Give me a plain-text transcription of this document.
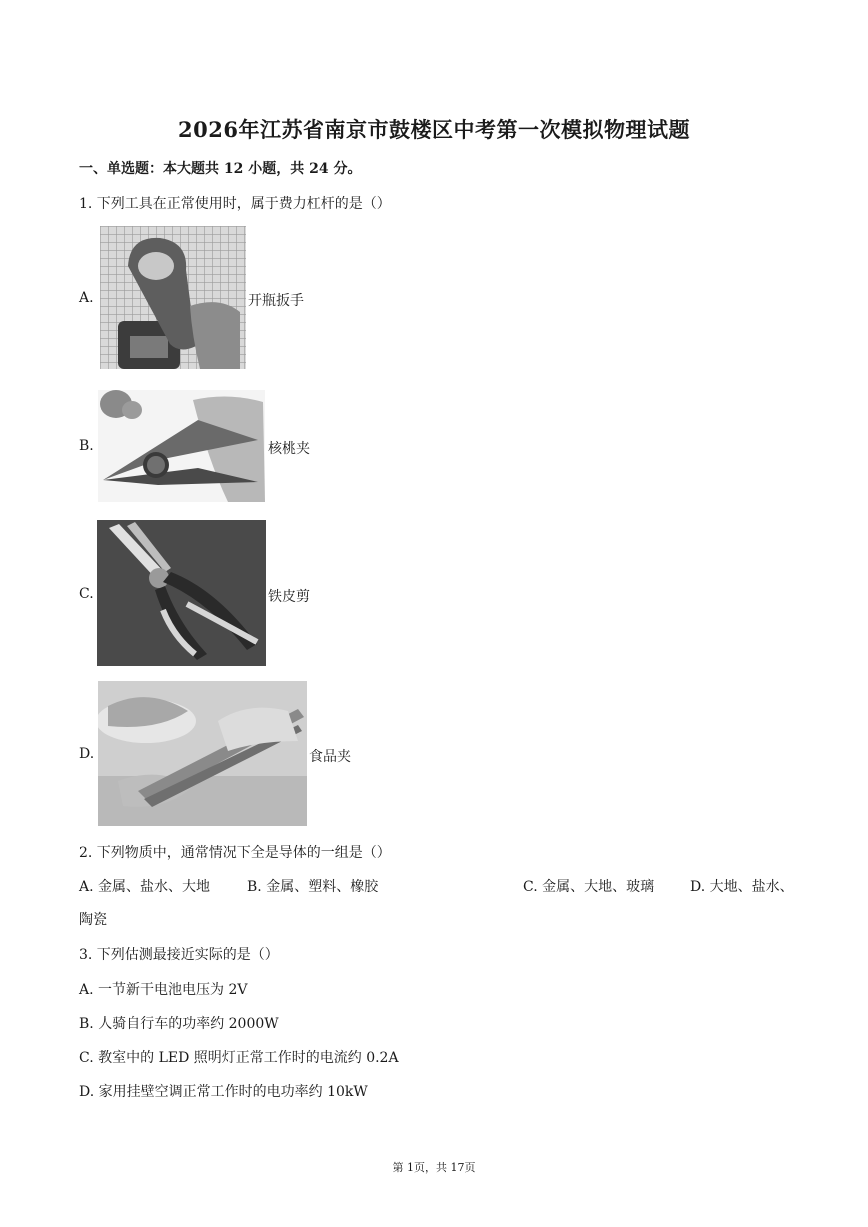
2026年江苏省南京市鼓楼区中考第一次模拟物理试题
一、单选题：本大题共 12 小题，共 24 分。
1. 下列工具在正常使用时，属于费力杠杆的是（）
A.	开瓶扳手
B.	核桃夹
C.	铁皮剪
D.	食品夹
2. 下列物质中，通常情况下全是导体的一组是（）
A. 金属、盐水、大地	B. 金属、塑料、橡胶	C. 金属、大地、玻璃	D. 大地、盐水、
陶瓷
3. 下列估测最接近实际的是（）
A. 一节新干电池电压为 2V
B. 人骑自行车的功率约 2000W
C. 教室中的 LED 照明灯正常工作时的电流约 0.2A
D. 家用挂壁空调正常工作时的电功率约 10kW
第 1页，共 17页
